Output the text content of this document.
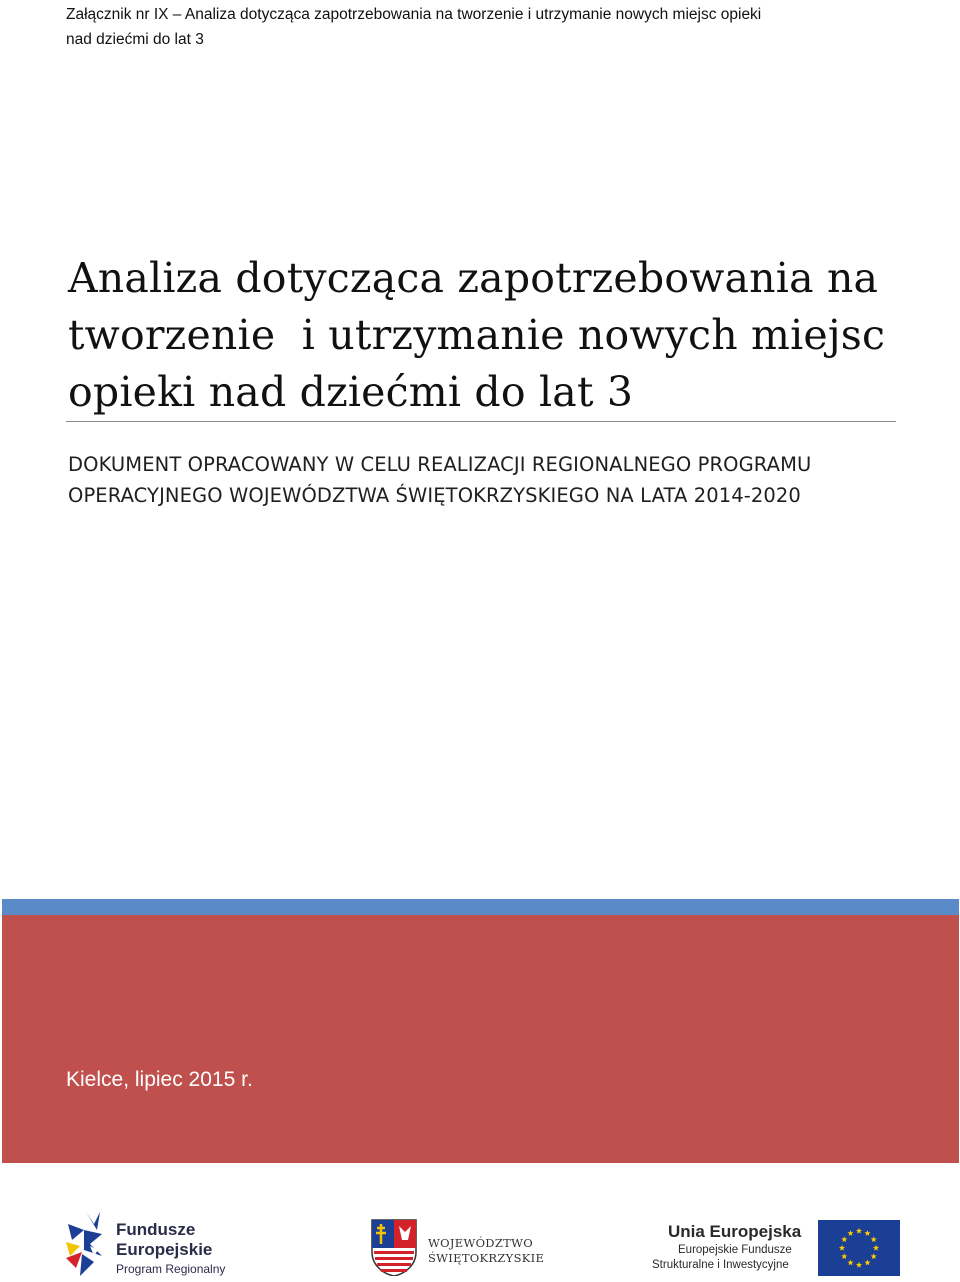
Załącznik nr IX – Analiza dotycząca zapotrzebowania na tworzenie i utrzymanie nowych miejsc opieki
nad dziećmi do lat 3
Analiza dotycząca zapotrzebowania na
tworzenie  i utrzymanie nowych miejsc
opieki nad dziećmi do lat 3
DOKUMENT OPRACOWANY W CELU REALIZACJI REGIONALNEGO PROGRAMU
OPERACYJNEGO WOJEWÓDZTWA ŚWIĘTOKRZYSKIEGO NA LATA 2014-2020
Kielce, lipiec 2015 r.
Fundusze
Europejskie
Program Regionalny
WOJEWÓDZTWO
ŚWIĘTOKRZYSKIE
Unia Europejska
Europejskie Fundusze
Strukturalne i Inwestycyjne
